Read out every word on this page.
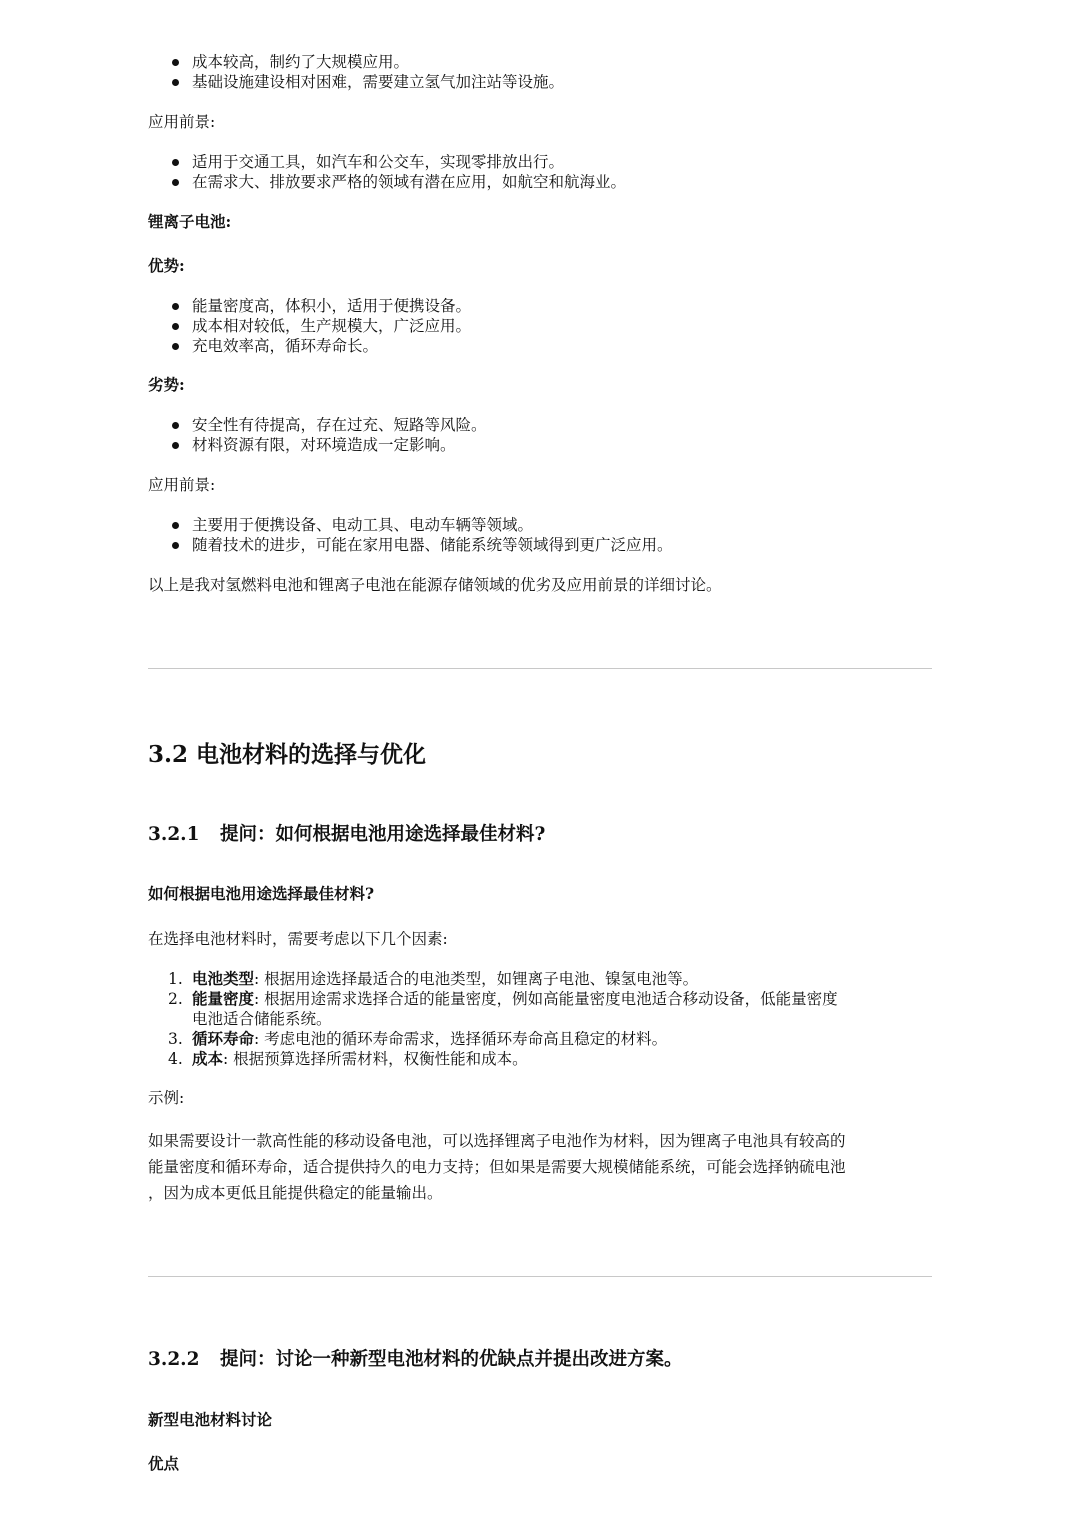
成本较高，制约了大规模应用。
基础设施建设相对困难，需要建立氢气加注站等设施。

应用前景:

适用于交通工具，如汽车和公交车，实现零排放出行。
在需求大、排放要求严格的领域有潜在应用，如航空和航海业。

锂离子电池:

优势:

能量密度高，体积小，适用于便携设备。
成本相对较低，生产规模大，广泛应用。
充电效率高，循环寿命长。

劣势:

安全性有待提高，存在过充、短路等风险。
材料资源有限，对环境造成一定影响。

应用前景:

主要用于便携设备、电动工具、电动车辆等领域。
随着技术的进步，可能在家用电器、储能系统等领域得到更广泛应用。

以上是我对氢燃料电池和锂离子电池在能源存储领域的优劣及应用前景的详细讨论。

3.2 电池材料的选择与优化
3.2.1 提问：如何根据电池用途选择最佳材料?

如何根据电池用途选择最佳材料?

在选择电池材料时，需要考虑以下几个因素:

1. 电池类型: 根据用途选择最适合的电池类型，如锂离子电池、镍氢电池等。
2. 能量密度: 根据用途需求选择合适的能量密度，例如高能量密度电池适合移动设备，低能量密度
电池适合储能系统。
3. 循环寿命: 考虑电池的循环寿命需求，选择循环寿命高且稳定的材料。
4. 成本: 根据预算选择所需材料，权衡性能和成本。

示例:

如果需要设计一款高性能的移动设备电池，可以选择锂离子电池作为材料，因为锂离子电池具有较高的
能量密度和循环寿命，适合提供持久的电力支持；但如果是需要大规模储能系统，可能会选择钠硫电池
，因为成本更低且能提供稳定的能量输出。
3.2.2 提问：讨论一种新型电池材料的优缺点并提出改进方案。

新型电池材料讨论

优点
